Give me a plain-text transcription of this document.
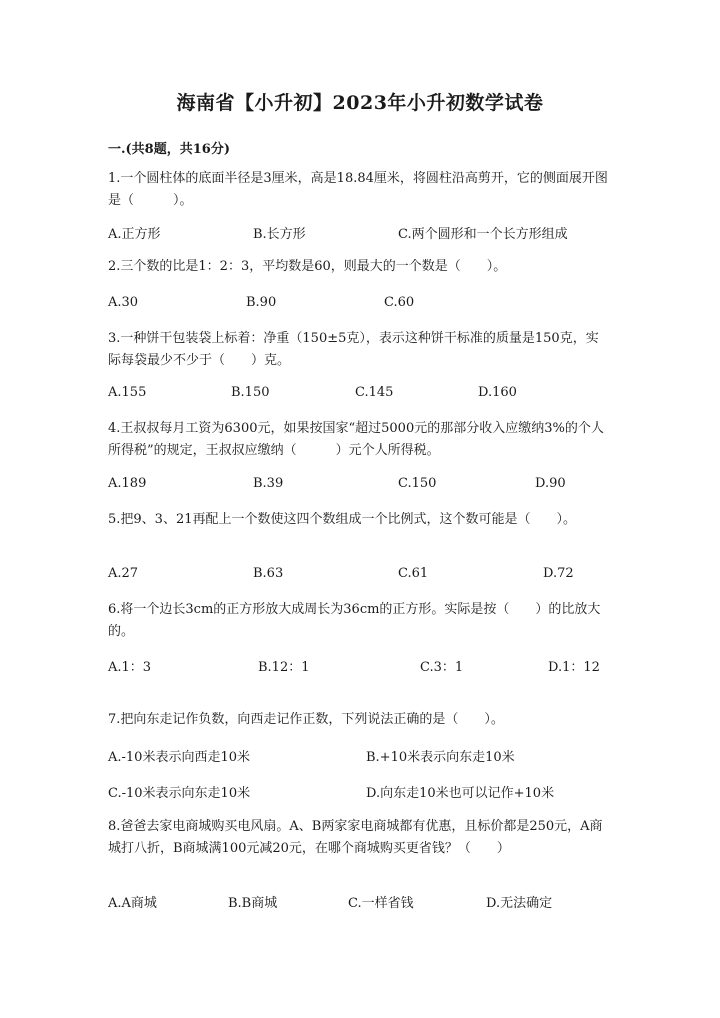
海南省【小升初】2023年小升初数学试卷
一.(共8题，共16分)
1.一个圆柱体的底面半径是3厘米，高是18.84厘米，将圆柱沿高剪开，它的侧面展开图是（　　　）。
A.正方形	B.长方形	C.两个圆形和一个长方形组成
2.三个数的比是1：2：3，平均数是60，则最大的一个数是（　　）。
A.30	B.90	C.60
3.一种饼干包装袋上标着：净重（150±5克），表示这种饼干标准的质量是150克，实际每袋最少不少于（　　）克。
A.155	B.150	C.145	D.160
4.王叔叔每月工资为6300元，如果按国家“超过5000元的那部分收入应缴纳3%的个人所得税”的规定，王叔叔应缴纳（　　　）元个人所得税。
A.189	B.39	C.150	D.90
5.把9、3、21再配上一个数使这四个数组成一个比例式，这个数可能是（　　）。
A.27	B.63	C.61	D.72
6.将一个边长3cm的正方形放大成周长为36cm的正方形。实际是按（　　）的比放大的。
A.1：3	B.12：1	C.3：1	D.1：12
7.把向东走记作负数，向西走记作正数，下列说法正确的是（　　）。
A.-10米表示向西走10米	B.+10米表示向东走10米
C.-10米表示向东走10米	D.向东走10米也可以记作+10米
8.爸爸去家电商城购买电风扇。A、B两家家电商城都有优惠，且标价都是250元，A商城打八折，B商城满100元减20元，在哪个商城购买更省钱？（　　）
A.A商城	B.B商城	C.一样省钱	D.无法确定
